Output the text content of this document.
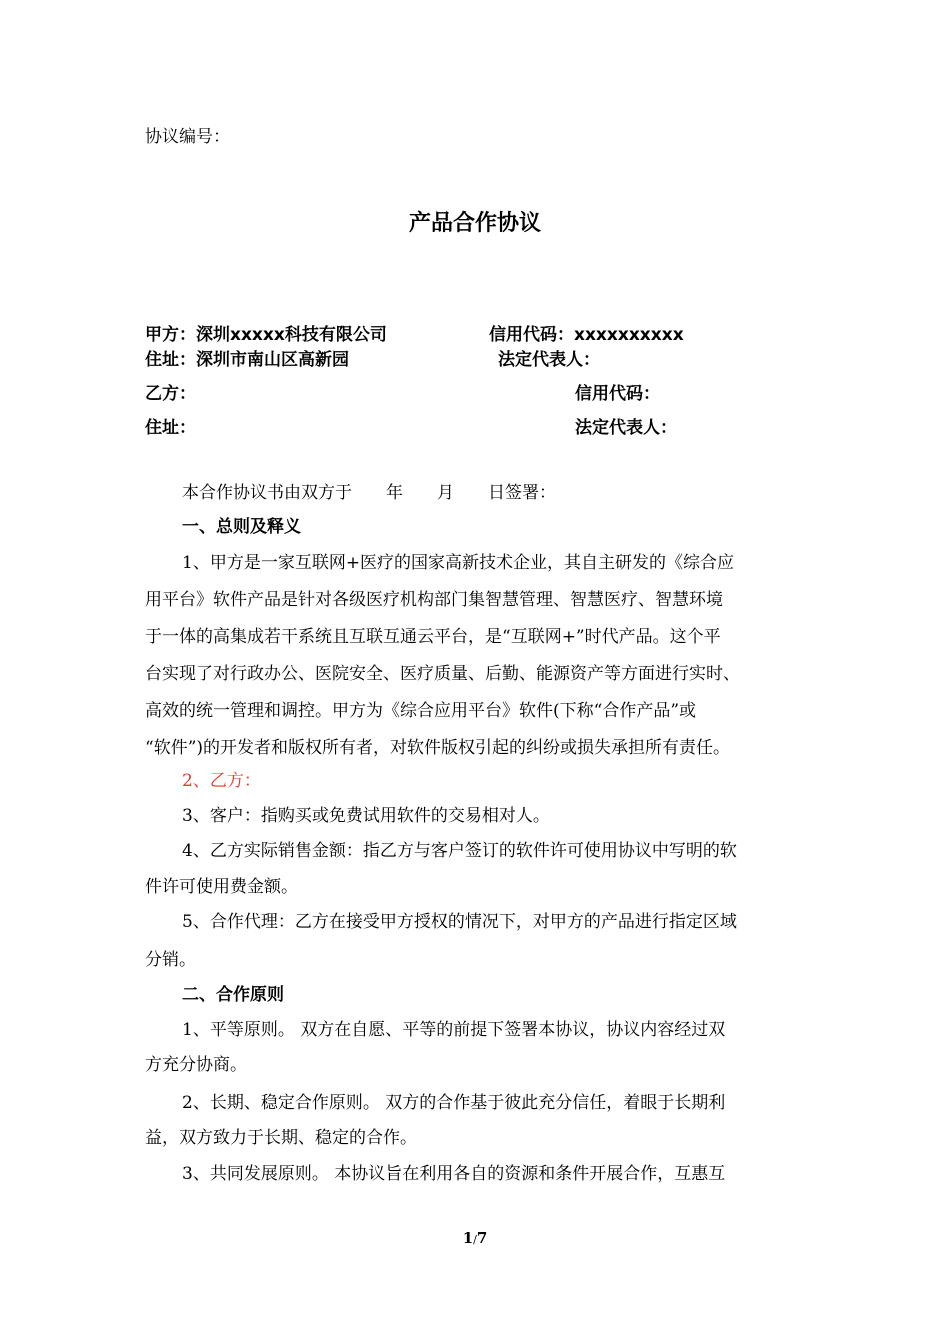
协议编号：
产品合作协议
甲方：深圳xxxxx科技有限公司	信用代码：xxxxxxxxxx
住址：深圳市南山区高新园	法定代表人：
乙方：	信用代码：
住址：	法定代表人：
本合作协议书由双方于　　年　　月　　日签署：
一、总则及释义
1、甲方是一家互联网+医疗的国家高新技术企业，其自主研发的《综合应
用平台》软件产品是针对各级医疗机构部门集智慧管理、智慧医疗、智慧环境
于一体的高集成若干系统且互联互通云平台，是“互联网+”时代产品。这个平
台实现了对行政办公、医院安全、医疗质量、后勤、能源资产等方面进行实时、
高效的统一管理和调控。甲方为《综合应用平台》软件(下称“合作产品”或
“软件”)的开发者和版权所有者，对软件版权引起的纠纷或损失承担所有责任。
2、乙方：
3、客户：指购买或免费试用软件的交易相对人。
4、乙方实际销售金额：指乙方与客户签订的软件许可使用协议中写明的软
件许可使用费金额。
5、合作代理：乙方在接受甲方授权的情况下，对甲方的产品进行指定区域
分销。
二、合作原则
1、平等原则。 双方在自愿、平等的前提下签署本协议，协议内容经过双
方充分协商。
2、长期、稳定合作原则。 双方的合作基于彼此充分信任，着眼于长期利
益，双方致力于长期、稳定的合作。
3、共同发展原则。 本协议旨在利用各自的资源和条件开展合作，互惠互
1/7
